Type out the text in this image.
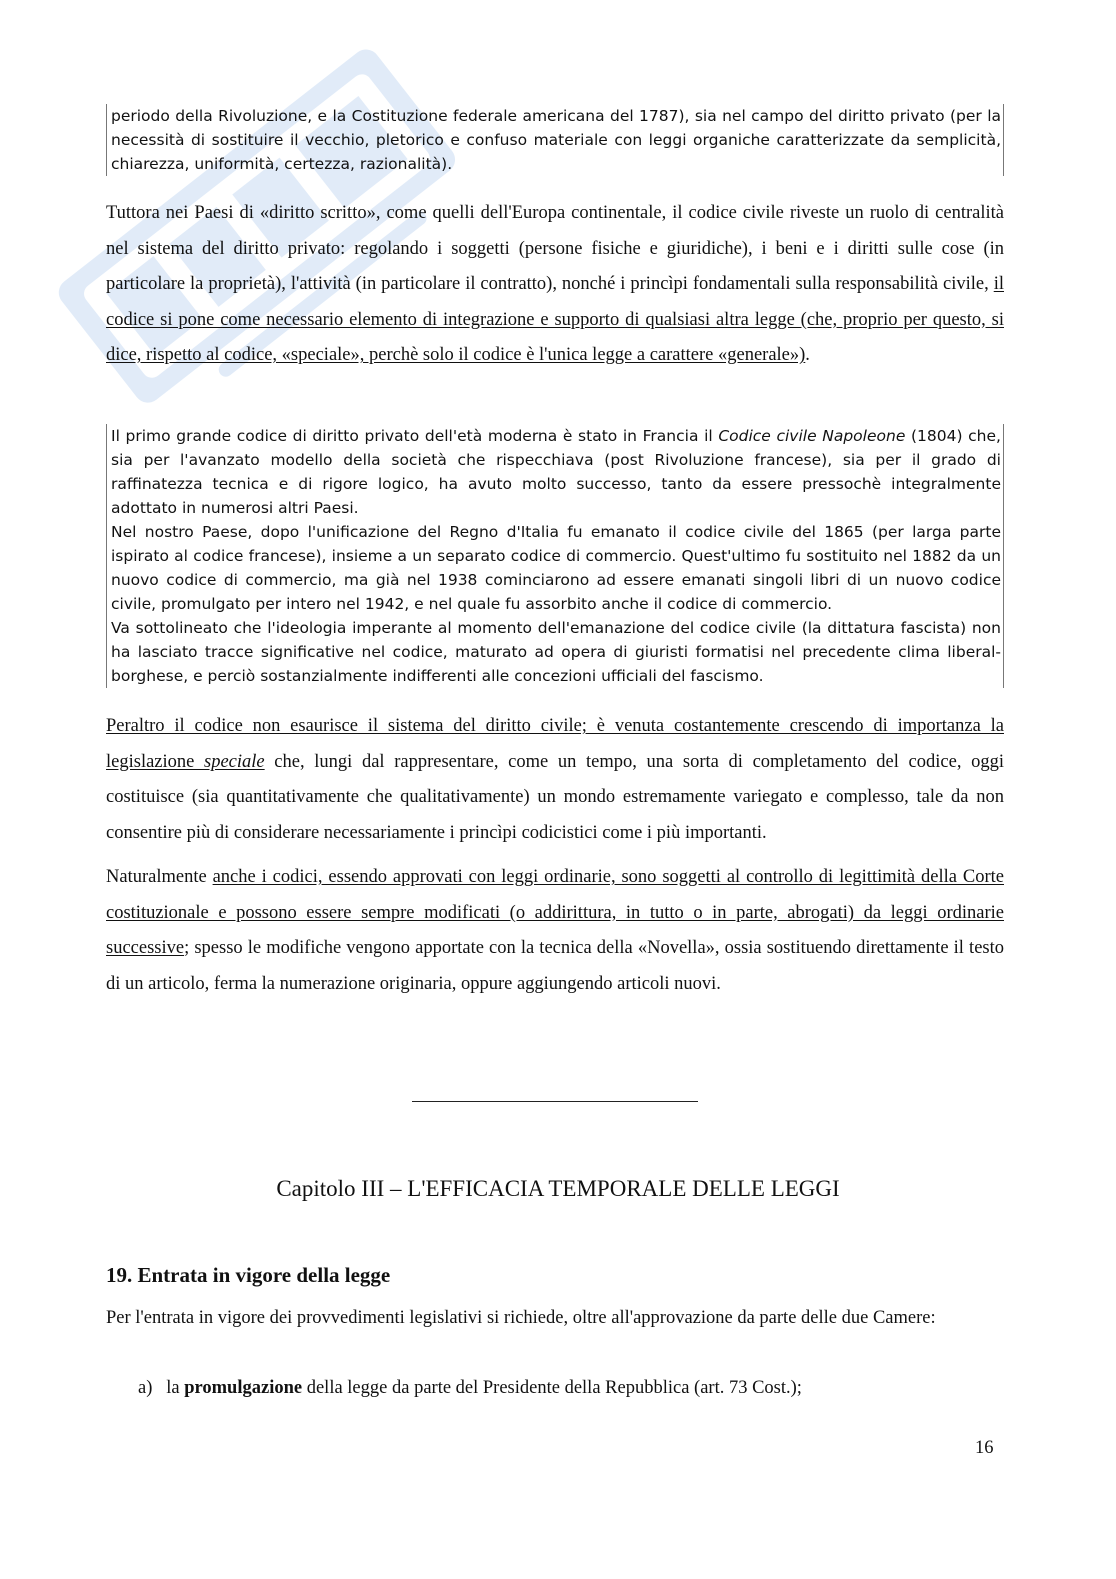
periodo della Rivoluzione, e la Costituzione federale americana del 1787), sia nel campo del diritto privato (per la necessità di sostituire il vecchio, pletorico e confuso materiale con leggi organiche caratterizzate da semplicità, chiarezza, uniformità, certezza, razionalità).

Tuttora nei Paesi di «diritto scritto», come quelli dell'Europa continentale, il codice civile riveste un ruolo di centralità nel sistema del diritto privato: regolando i soggetti (persone fisiche e giuridiche), i beni e i diritti sulle cose (in particolare la proprietà), l'attività (in particolare il contratto), nonché i princìpi fondamentali sulla responsabilità civile, il codice si pone come necessario elemento di integrazione e supporto di qualsiasi altra legge (che, proprio per questo, si dice, rispetto al codice, «speciale», perchè solo il codice è l'unica legge a carattere «generale»).

Il primo grande codice di diritto privato dell'età moderna è stato in Francia il Codice civile Napoleone (1804) che, sia per l'avanzato modello della società che rispecchiava (post Rivoluzione francese), sia per il grado di raffinatezza tecnica e di rigore logico, ha avuto molto successo, tanto da essere pressochè integralmente adottato in numerosi altri Paesi.

Nel nostro Paese, dopo l'unificazione del Regno d'Italia fu emanato il codice civile del 1865 (per larga parte ispirato al codice francese), insieme a un separato codice di commercio. Quest'ultimo fu sostituito nel 1882 da un nuovo codice di commercio, ma già nel 1938 cominciarono ad essere emanati singoli libri di un nuovo codice civile, promulgato per intero nel 1942, e nel quale fu assorbito anche il codice di commercio.

Va sottolineato che l'ideologia imperante al momento dell'emanazione del codice civile (la dittatura fascista) non ha lasciato tracce significative nel codice, maturato ad opera di giuristi formatisi nel precedente clima liberal-borghese, e perciò sostanzialmente indifferenti alle concezioni ufficiali del fascismo.

Peraltro il codice non esaurisce il sistema del diritto civile; è venuta costantemente crescendo di importanza la legislazione speciale che, lungi dal rappresentare, come un tempo, una sorta di completamento del codice, oggi costituisce (sia quantitativamente che qualitativamente) un mondo estremamente variegato e complesso, tale da non consentire più di considerare necessariamente i princìpi codicistici come i più importanti.

Naturalmente anche i codici, essendo approvati con leggi ordinarie, sono soggetti al controllo di legittimità della Corte costituzionale e possono essere sempre modificati (o addirittura, in tutto o in parte, abrogati) da leggi ordinarie successive; spesso le modifiche vengono apportate con la tecnica della «Novella», ossia sostituendo direttamente il testo di un articolo, ferma la numerazione originaria, oppure aggiungendo articoli nuovi.

Capitolo III – L'EFFICACIA TEMPORALE DELLE LEGGI
19. Entrata in vigore della legge

Per l'entrata in vigore dei provvedimenti legislativi si richiede, oltre all'approvazione da parte delle due Camere:

a) la promulgazione della legge da parte del Presidente della Repubblica (art. 73 Cost.);
16
